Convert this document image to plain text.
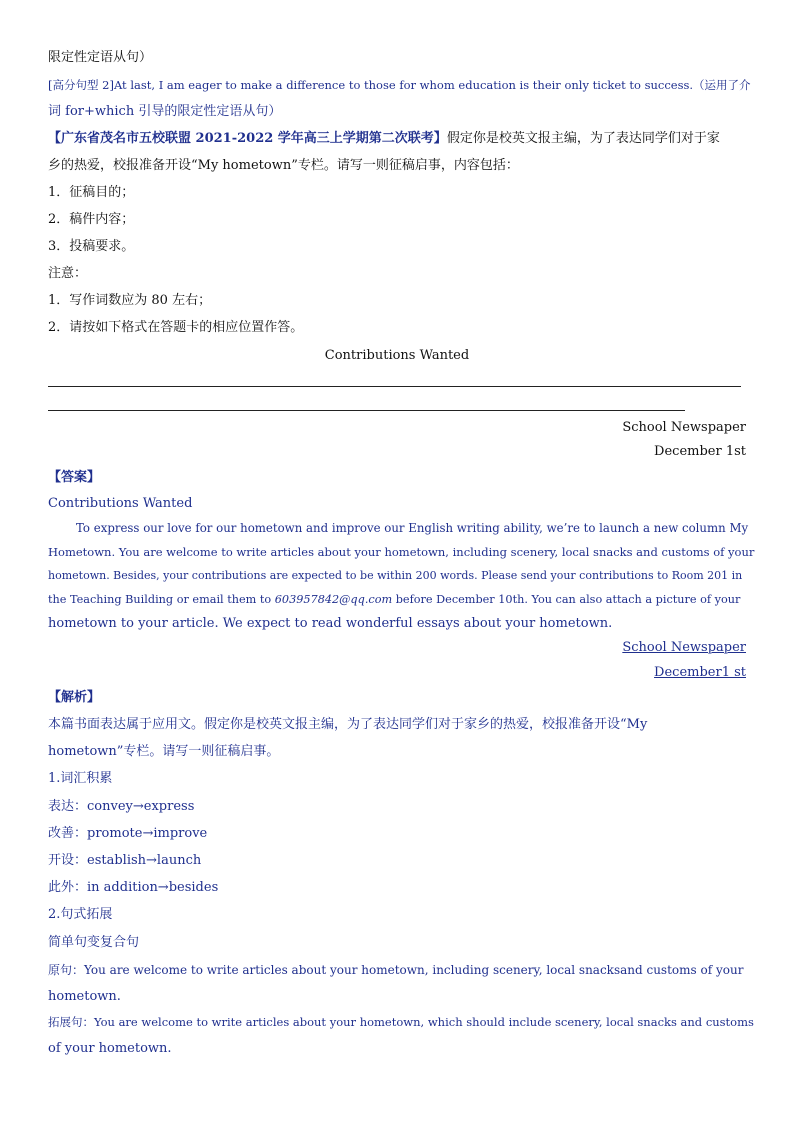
限定性定语从句）
[高分句型 2]At last, I am eager to make a difference to those for whom education is their only ticket to success.（运用了介
词 for+which 引导的限定性定语从句）
【广东省茂名市五校联盟 2021-2022 学年高三上学期第二次联考】假定你是校英文报主编，为了表达同学们对于家
乡的热爱，校报准备开设“My hometown”专栏。请写一则征稿启事，内容包括：
1．征稿目的；
2．稿件内容；
3．投稿要求。
注意：
1．写作词数应为 80 左右；
2．请按如下格式在答题卡的相应位置作答。
Contributions Wanted
School Newspaper
December 1st
【答案】
Contributions Wanted
To express our love for our hometown and improve our English writing ability, we’re to launch a new column My
Hometown. You are welcome to write articles about your hometown, including scenery, local snacks and customs of your
hometown. Besides, your contributions are expected to be within 200 words. Please send your contributions to Room 201 in
the Teaching Building or email them to 603957842@qq.com before December 10th. You can also attach a picture of your
hometown to your article. We expect to read wonderful essays about your hometown.
School Newspaper
December1 st
【解析】
本篇书面表达属于应用文。假定你是校英文报主编，为了表达同学们对于家乡的热爱，校报准备开设“My
hometown”专栏。请写一则征稿启事。
1.词汇积累
表达：convey→express
改善：promote→improve
开设：establish→launch
此外：in addition→besides
2.句式拓展
简单句变复合句
原句：You are welcome to write articles about your hometown, including scenery, local snacksand customs of your
hometown.
拓展句：You are welcome to write articles about your hometown, which should include scenery, local snacks and customs
of your hometown.
